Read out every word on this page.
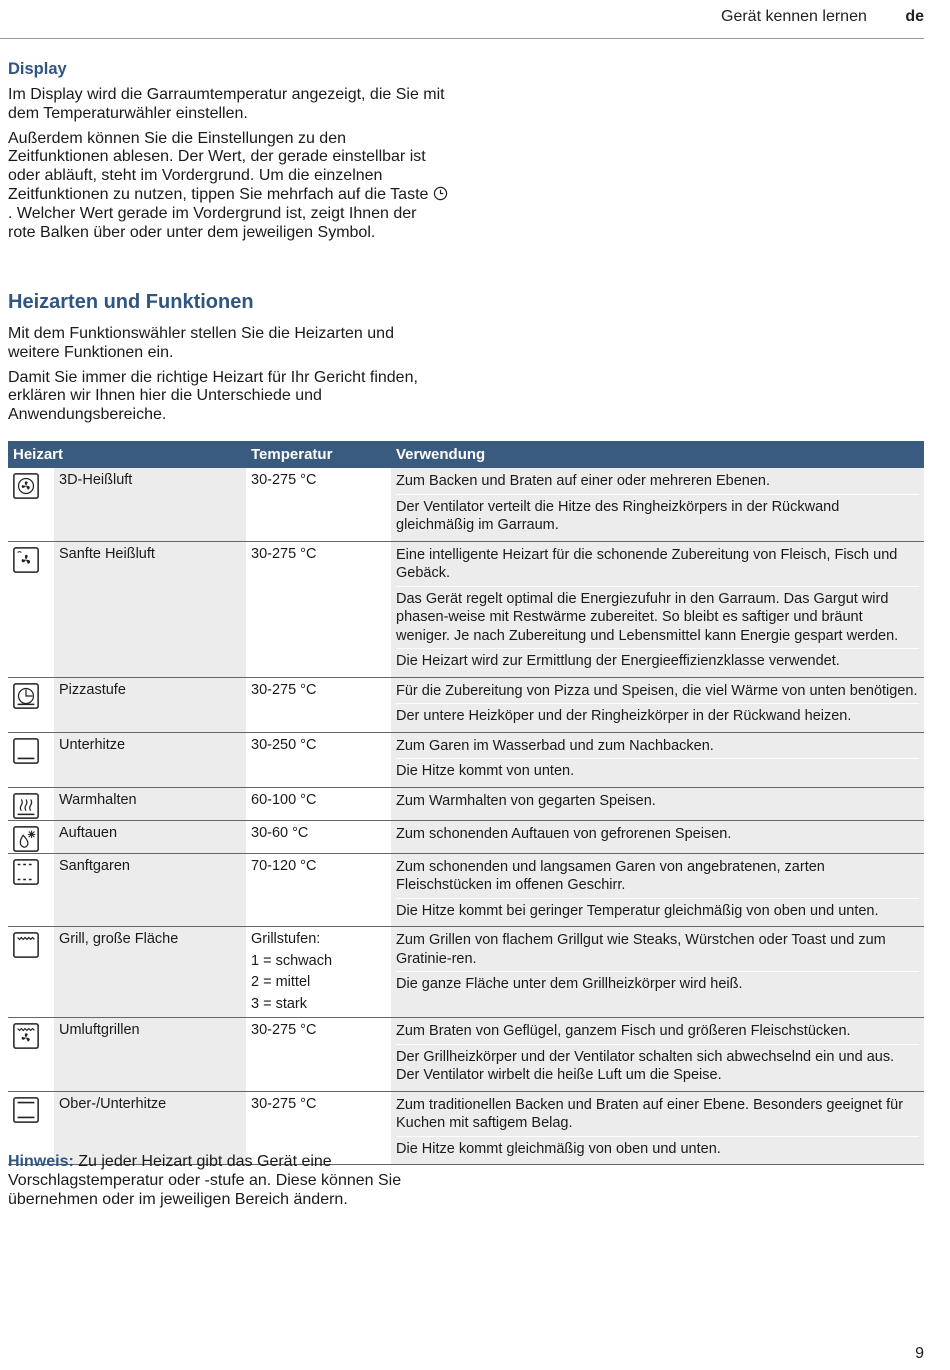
Gerät kennen lernen de
Display

Im Display wird die Garraumtemperatur angezeigt, die Sie mit dem Temperaturwähler einstellen.

Außerdem können Sie die Einstellungen zu den Zeitfunktionen ablesen. Der Wert, der gerade einstellbar ist oder abläuft, steht im Vordergrund. Um die einzelnen Zeitfunktionen zu nutzen, tippen Sie mehrfach auf die Taste . Welcher Wert gerade im Vordergrund ist, zeigt Ihnen der rote Balken über oder unter dem jeweiligen Symbol.

Heizarten und Funktionen

Mit dem Funktionswähler stellen Sie die Heizarten und weitere Funktionen ein.

Damit Sie immer die richtige Heizart für Ihr Gericht finden, erklären wir Ihnen hier die Unterschiede und Anwendungsbereiche.

Heizart		Temperatur	Verwendung

	3D-Heißluft	30-275 °C	Zum Backen und Braten auf einer oder mehreren Ebenen.
Der Ventilator verteilt die Hitze des Ringheizkörpers in der Rückwand gleichmäßig im Garraum.

	Sanfte Heißluft	30-275 °C	Eine intelligente Heizart für die schonende Zubereitung von Fleisch, Fisch und Gebäck.
Das Gerät regelt optimal die Energiezufuhr in den Garraum. Das Gargut wird phasen-weise mit Restwärme zubereitet. So bleibt es saftiger und bräunt weniger. Je nach Zubereitung und Lebensmittel kann Energie gespart werden.
Die Heizart wird zur Ermittlung der Energieeffizienzklasse verwendet.

	Pizzastufe	30-275 °C	Für die Zubereitung von Pizza und Speisen, die viel Wärme von unten benötigen.
Der untere Heizköper und der Ringheizkörper in der Rückwand heizen.

	Unterhitze	30-250 °C	Zum Garen im Wasserbad und zum Nachbacken.
Die Hitze kommt von unten.

	Warmhalten	60-100 °C	Zum Warmhalten von gegarten Speisen.

	Auftauen	30-60 °C	Zum schonenden Auftauen von gefrorenen Speisen.

	Sanftgaren	70-120 °C	Zum schonenden und langsamen Garen von angebratenen, zarten Fleischstücken im offenen Geschirr.
Die Hitze kommt bei geringer Temperatur gleichmäßig von oben und unten.

	Grill, große Fläche	Grillstufen:
1 = schwach
2 = mittel
3 = stark	Zum Grillen von flachem Grillgut wie Steaks, Würstchen oder Toast und zum Gratinie-ren.
Die ganze Fläche unter dem Grillheizkörper wird heiß.

	Umluftgrillen	30-275 °C	Zum Braten von Geflügel, ganzem Fisch und größeren Fleischstücken.
Der Grillheizkörper und der Ventilator schalten sich abwechselnd ein und aus. Der Ventilator wirbelt die heiße Luft um die Speise.

	Ober-/Unterhitze	30-275 °C	Zum traditionellen Backen und Braten auf einer Ebene. Besonders geeignet für Kuchen mit saftigem Belag.
Die Hitze kommt gleichmäßig von oben und unten.
Hinweis: Zu jeder Heizart gibt das Gerät eine Vorschlagstemperatur oder -stufe an. Diese können Sie übernehmen oder im jeweiligen Bereich ändern.
9
